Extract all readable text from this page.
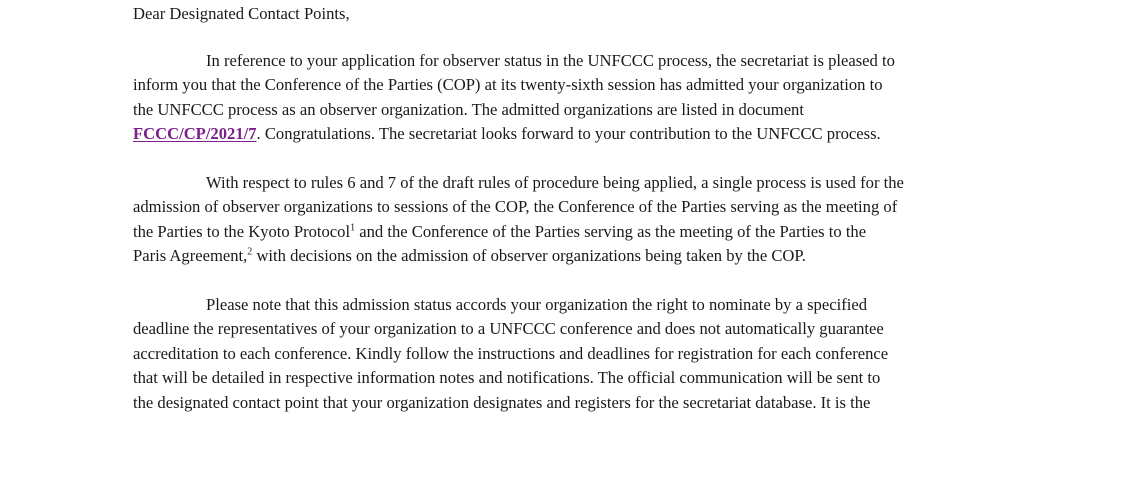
Dear Designated Contact Points,
In reference to your application for observer status in the UNFCCC process, the secretariat is pleased to
inform you that the Conference of the Parties (COP) at its twenty-sixth session has admitted your organization to
the UNFCCC process as an observer organization. The admitted organizations are listed in document
FCCC/CP/2021/7. Congratulations. The secretariat looks forward to your contribution to the UNFCCC process.
With respect to rules 6 and 7 of the draft rules of procedure being applied, a single process is used for the
admission of observer organizations to sessions of the COP, the Conference of the Parties serving as the meeting of
the Parties to the Kyoto Protocol$^1$ and the Conference of the Parties serving as the meeting of the Parties to the
Paris Agreement,$^2$ with decisions on the admission of observer organizations being taken by the COP.
Please note that this admission status accords your organization the right to nominate by a specified
deadline the representatives of your organization to a UNFCCC conference and does not automatically guarantee
accreditation to each conference. Kindly follow the instructions and deadlines for registration for each conference
that will be detailed in respective information notes and notifications. The official communication will be sent to
the designated contact point that your organization designates and registers for the secretariat database. It is the
